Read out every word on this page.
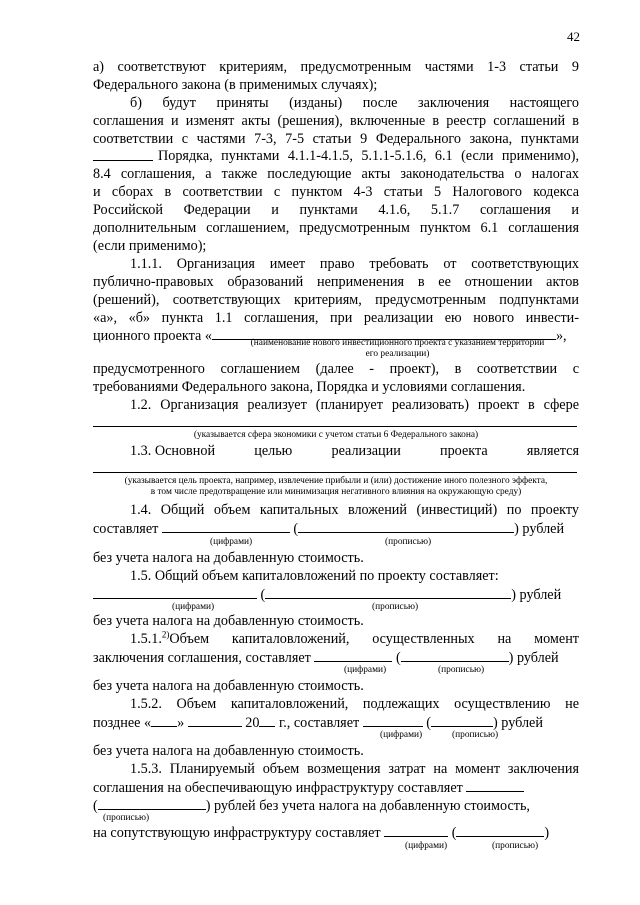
42
а) соответствуют критериям, предусмотренным частями 1-3 статьи 9
Федерального закона (в применимых случаях);
б) будут приняты (изданы) после заключения настоящего
соглашения и изменят акты (решения), включенные в реестр соглашений в
соответствии с частями 7-3, 7-5 статьи 9 Федерального закона, пунктами
Порядка, пунктами 4.1.1-4.1.5, 5.1.1-5.1.6, 6.1 (если применимо),
8.4 соглашения, а также последующие акты законодательства о налогах
и сборах в соответствии с пунктом 4-3 статьи 5 Налогового кодекса
Российской Федерации и пунктами 4.1.6, 5.1.7 соглашения и
дополнительным соглашением, предусмотренным пунктом 6.1 соглашения
(если применимо);
1.1.1. Организация имеет право требовать от соответствующих
публично-правовых образований неприменения в ее отношении актов
(решений), соответствующих критериям, предусмотренным подпунктами
«а», «б» пункта 1.1 соглашения, при реализации ею нового инвести-
ционного проекта «	»,
(наименование нового инвестиционного проекта с указанием территории
его реализации)
предусмотренного соглашением (далее - проект), в соответствии с
требованиями Федерального закона, Порядка и условиями соглашения.
1.2. Организация реализует (планирует реализовать) проект в сфере
(указывается сфера экономики с учетом статьи 6 Федерального закона)
1.3. Основной	целью	реализации	проекта	является
(указывается цель проекта, например, извлечение прибыли и (или) достижение иного полезного эффекта,
в том числе предотвращение или минимизация негативного влияния на окружающую среду)
1.4. Общий объем капитальных вложений (инвестиций) по проекту
составляет	(	) рублей
(цифрами)	(прописью)
без учета налога на добавленную стоимость.
1.5. Общий объем капиталовложений по проекту составляет:
(	) рублей
(цифрами)	(прописью)
без учета налога на добавленную стоимость.
1.5.1.$^{2)}$ Объем капиталовложений, осуществленных на момент
заключения соглашения, составляет	(	) рублей
(цифрами)	(прописью)
без учета налога на добавленную стоимость.
1.5.2. Объем капиталовложений, подлежащих осуществлению не
позднее « »	20 г., составляет	(	) рублей
(цифрами)	(прописью)
без учета налога на добавленную стоимость.
1.5.3. Планируемый объем возмещения затрат на момент заключения
соглашения на обеспечивающую инфраструктуру составляет
(	) рублей без учета налога на добавленную стоимость,
(прописью)
на сопутствующую инфраструктуру составляет	(	)
(цифрами)	(прописью)
